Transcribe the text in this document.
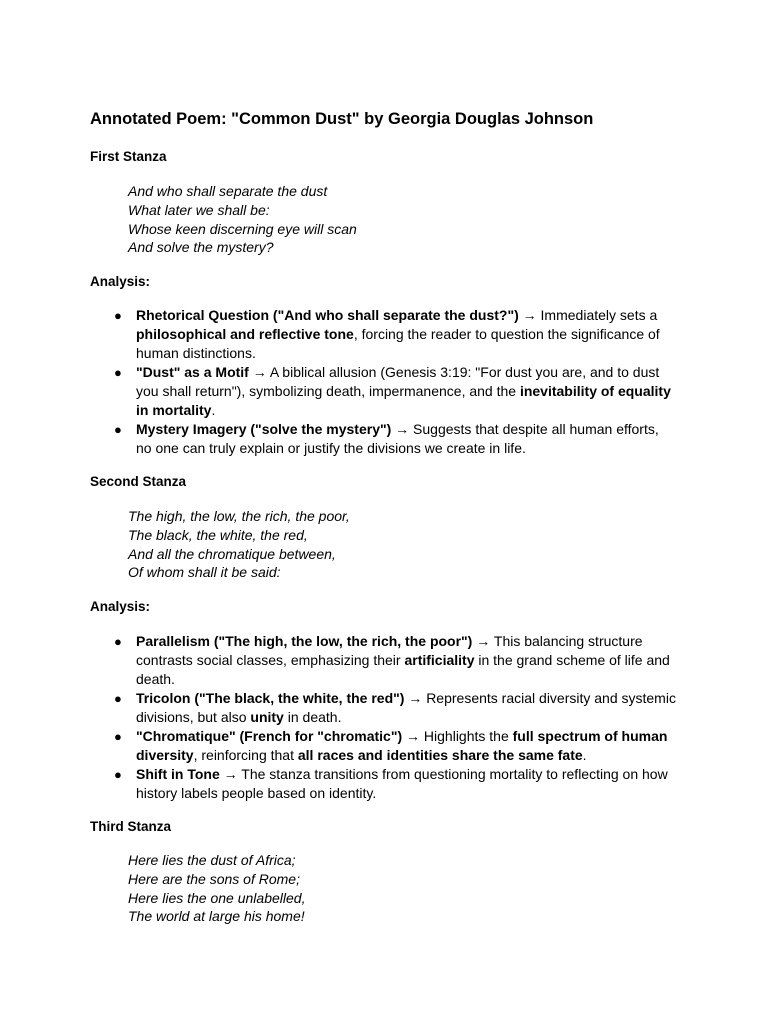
Annotated Poem: "Common Dust" by Georgia Douglas Johnson
First Stanza
And who shall separate the dust
What later we shall be:
Whose keen discerning eye will scan
And solve the mystery?
Analysis:
● Rhetorical Question ("And who shall separate the dust?") → Immediately sets a philosophical and reflective tone, forcing the reader to question the significance of human distinctions.
● "Dust" as a Motif → A biblical allusion (Genesis 3:19: "For dust you are, and to dust you shall return"), symbolizing death, impermanence, and the inevitability of equality in mortality.
● Mystery Imagery ("solve the mystery") → Suggests that despite all human efforts, no one can truly explain or justify the divisions we create in life.
Second Stanza
The high, the low, the rich, the poor,
The black, the white, the red,
And all the chromatique between,
Of whom shall it be said:
Analysis:
● Parallelism ("The high, the low, the rich, the poor") → This balancing structure contrasts social classes, emphasizing their artificiality in the grand scheme of life and death.
● Tricolon ("The black, the white, the red") → Represents racial diversity and systemic divisions, but also unity in death.
● "Chromatique" (French for "chromatic") → Highlights the full spectrum of human diversity, reinforcing that all races and identities share the same fate.
● Shift in Tone → The stanza transitions from questioning mortality to reflecting on how history labels people based on identity.
Third Stanza
Here lies the dust of Africa;
Here are the sons of Rome;
Here lies the one unlabelled,
The world at large his home!
